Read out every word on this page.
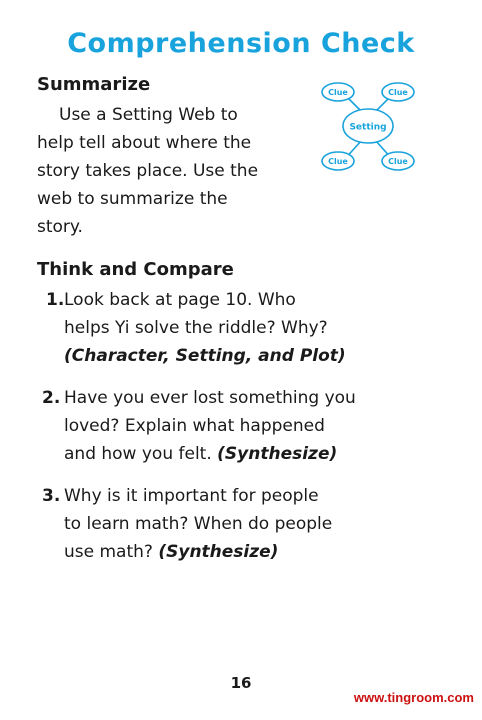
Comprehension Check
Summarize

Use a Setting Web to
help tell about where the
story takes place. Use the
web to summarize the
story.

Setting
Clue	Clue
Clue	Clue
Think and Compare
1. Look back at page 10. Who
helps Yi solve the riddle? Why?
(Character, Setting, and Plot)

2. Have you ever lost something you
loved? Explain what happened
and how you felt. (Synthesize)

3. Why is it important for people
to learn math? When do people
use math? (Synthesize)

16

www.tingroom.com
